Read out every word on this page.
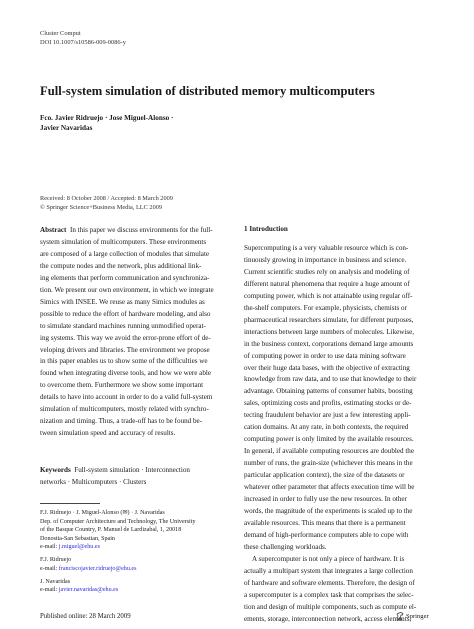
Cluster Comput
DOI 10.1007/s10586-009-0086-y
Full-system simulation of distributed memory multicomputers
Fco. Javier Ridruejo · Jose Miguel-Alonso ·
Javier Navaridas
Received: 8 October 2008 / Accepted: 8 March 2009
© Springer Science+Business Media, LLC 2009
Abstract In this paper we discuss environments for the full-
system simulation of multicomputers. These environments
are composed of a large collection of modules that simulate
the compute nodes and the network, plus additional link-
ing elements that perform communication and synchroniza-
tion. We present our own environment, in which we integrate
Simics with INSEE. We reuse as many Simics modules as
possible to reduce the effort of hardware modeling, and also
to simulate standard machines running unmodified operat-
ing systems. This way we avoid the error-prone effort of de-
veloping drivers and libraries. The environment we propose
in this paper enables us to show some of the difficulties we
found when integrating diverse tools, and how we were able
to overcome them. Furthermore we show some important
details to have into account in order to do a valid full-system
simulation of multicomputers, mostly related with synchro-
nization and timing. Thus, a trade-off has to be found be-
tween simulation speed and accuracy of results.
Keywords Full-system simulation · Interconnection
networks · Multicomputers · Clusters
F.J. Ridruejo · J. Miguel-Alonso (✉) · J. Navaridas
Dep. of Computer Architecture and Technology, The University
of the Basque Country, P. Manuel de Lardizabal, 1, 20018
Donostia-San Sebastian, Spain
e-mail: j.miguel@ehu.es
F.J. Ridruejo
e-mail: franciscojavier.ridruejo@ehu.es
J. Navaridas
e-mail: javier.navaridas@ehu.es
1 Introduction
Supercomputing is a very valuable resource which is con-
tinuously growing in importance in business and science.
Current scientific studies rely on analysis and modeling of
different natural phenomena that require a huge amount of
computing power, which is not attainable using regular off-
the-shelf computers. For example, physicists, chemists or
pharmaceutical researchers simulate, for different purposes,
interactions between large numbers of molecules. Likewise,
in the business context, corporations demand large amounts
of computing power in order to use data mining software
over their huge data bases, with the objective of extracting
knowledge from raw data, and to use that knowledge to their
advantage. Obtaining patterns of consumer habits, boosting
sales, optimizing costs and profits, estimating stocks or de-
tecting fraudulent behavior are just a few interesting appli-
cation domains. At any rate, in both contexts, the required
computing power is only limited by the available resources.
In general, if available computing resources are doubled the
number of runs, the grain-size (whichever this means in the
particular application context), the size of the datasets or
whatever other parameter that affects execution time will be
increased in order to fully use the new resources. In other
words, the magnitude of the experiments is scaled up to the
available resources. This means that there is a permanent
demand of high-performance computers able to cope with
these challenging workloads.
A supercomputer is not only a piece of hardware. It is
actually a multipart system that integrates a large collection
of hardware and software elements. Therefore, the design of
a supercomputer is a complex task that comprises the selec-
tion and design of multiple components, such as compute el-
ements, storage, interconnection network, access elements,
Published online: 28 March 2009	Springer
